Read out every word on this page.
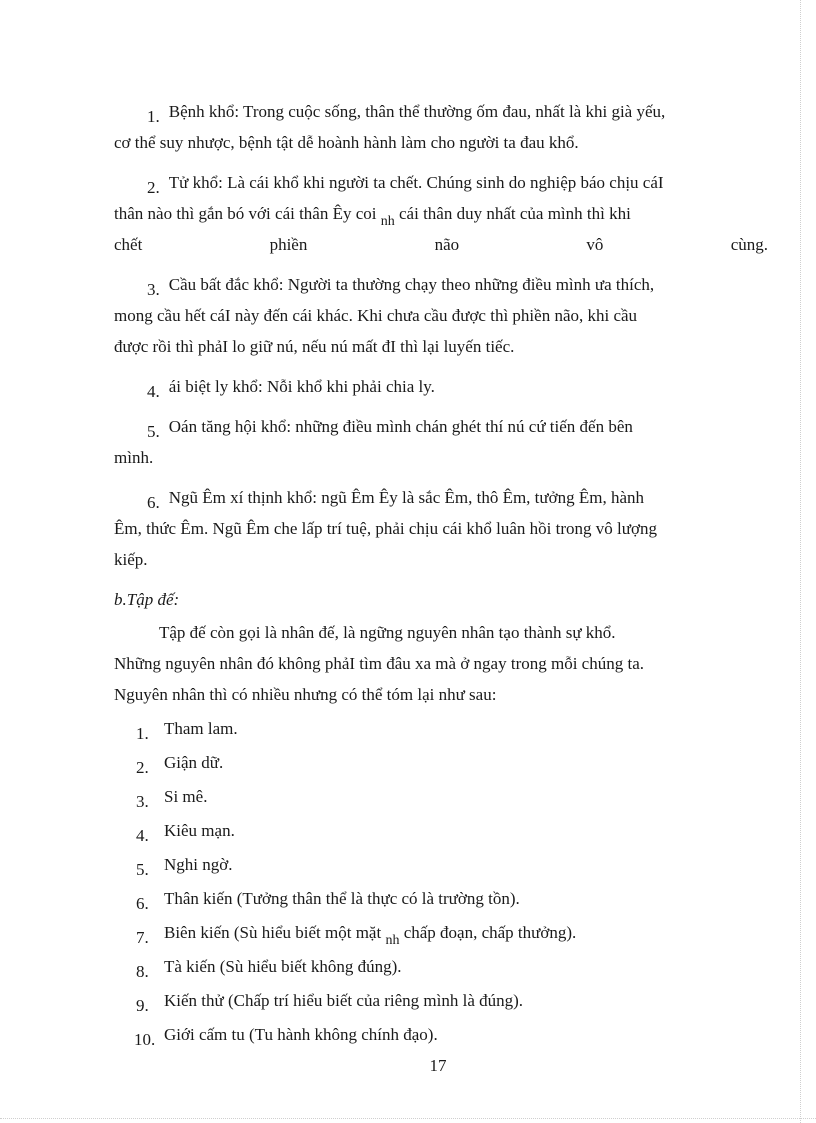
1. Bệnh khổ: Trong cuộc sống, thân thể thường ốm đau, nhất là khi già yếu,
cơ thể suy nhược, bệnh tật dễ hoành hành làm cho người ta đau khổ.
2. Tử khổ: Là cái khổ khi người ta chết. Chúng sinh do nghiệp báo chịu cáI
thân nào thì gắn bó với cái thân Êy coi $_{nh}$ cái thân duy nhất của mình thì khi
chết phiền não vô cùng.
3. Cầu bất đắc khổ: Người ta thường chạy theo những điều mình ưa thích,
mong cầu hết cáI này đến cái khác. Khi chưa cầu được thì phiền não, khi cầu
được rồi thì phảI lo giữ nú, nếu nú mất đI thì lại luyến tiếc.
4. ái biệt ly khổ: Nỗi khổ khi phải chia ly.
5. Oán tăng hội khổ: những điều mình chán ghét thí nú cứ tiến đến bên
mình.
6. Ngũ Êm xí thịnh khổ: ngũ Êm Êy là sắc Êm, thô Êm, tưởng Êm, hành
Êm, thức Êm. Ngũ Êm che lấp trí tuệ, phải chịu cái khổ luân hồi trong vô lượng
kiếp.
b.Tập đế:
Tập đế còn gọi là nhân đế, là ngững nguyên nhân tạo thành sự khổ.
Những nguyên nhân đó không phảI tìm đâu xa mà ở ngay trong mỗi chúng ta.
Nguyên nhân thì có nhiều nhưng có thể tóm lại như sau:
1. Tham lam.
2. Giận dữ.
3. Si mê.
4. Kiêu mạn.
5. Nghi ngờ.
6. Thân kiến (Tưởng thân thể là thực có là trường tồn).
7. Biên kiến (Sù hiểu biết một mặt $_{nh}$ chấp đoạn, chấp thưởng).
8. Tà kiến (Sù hiểu biết không đúng).
9. Kiến thử (Chấp trí hiểu biết của riêng mình là đúng).
10. Giới cấm tu (Tu hành không chính đạo).
17
